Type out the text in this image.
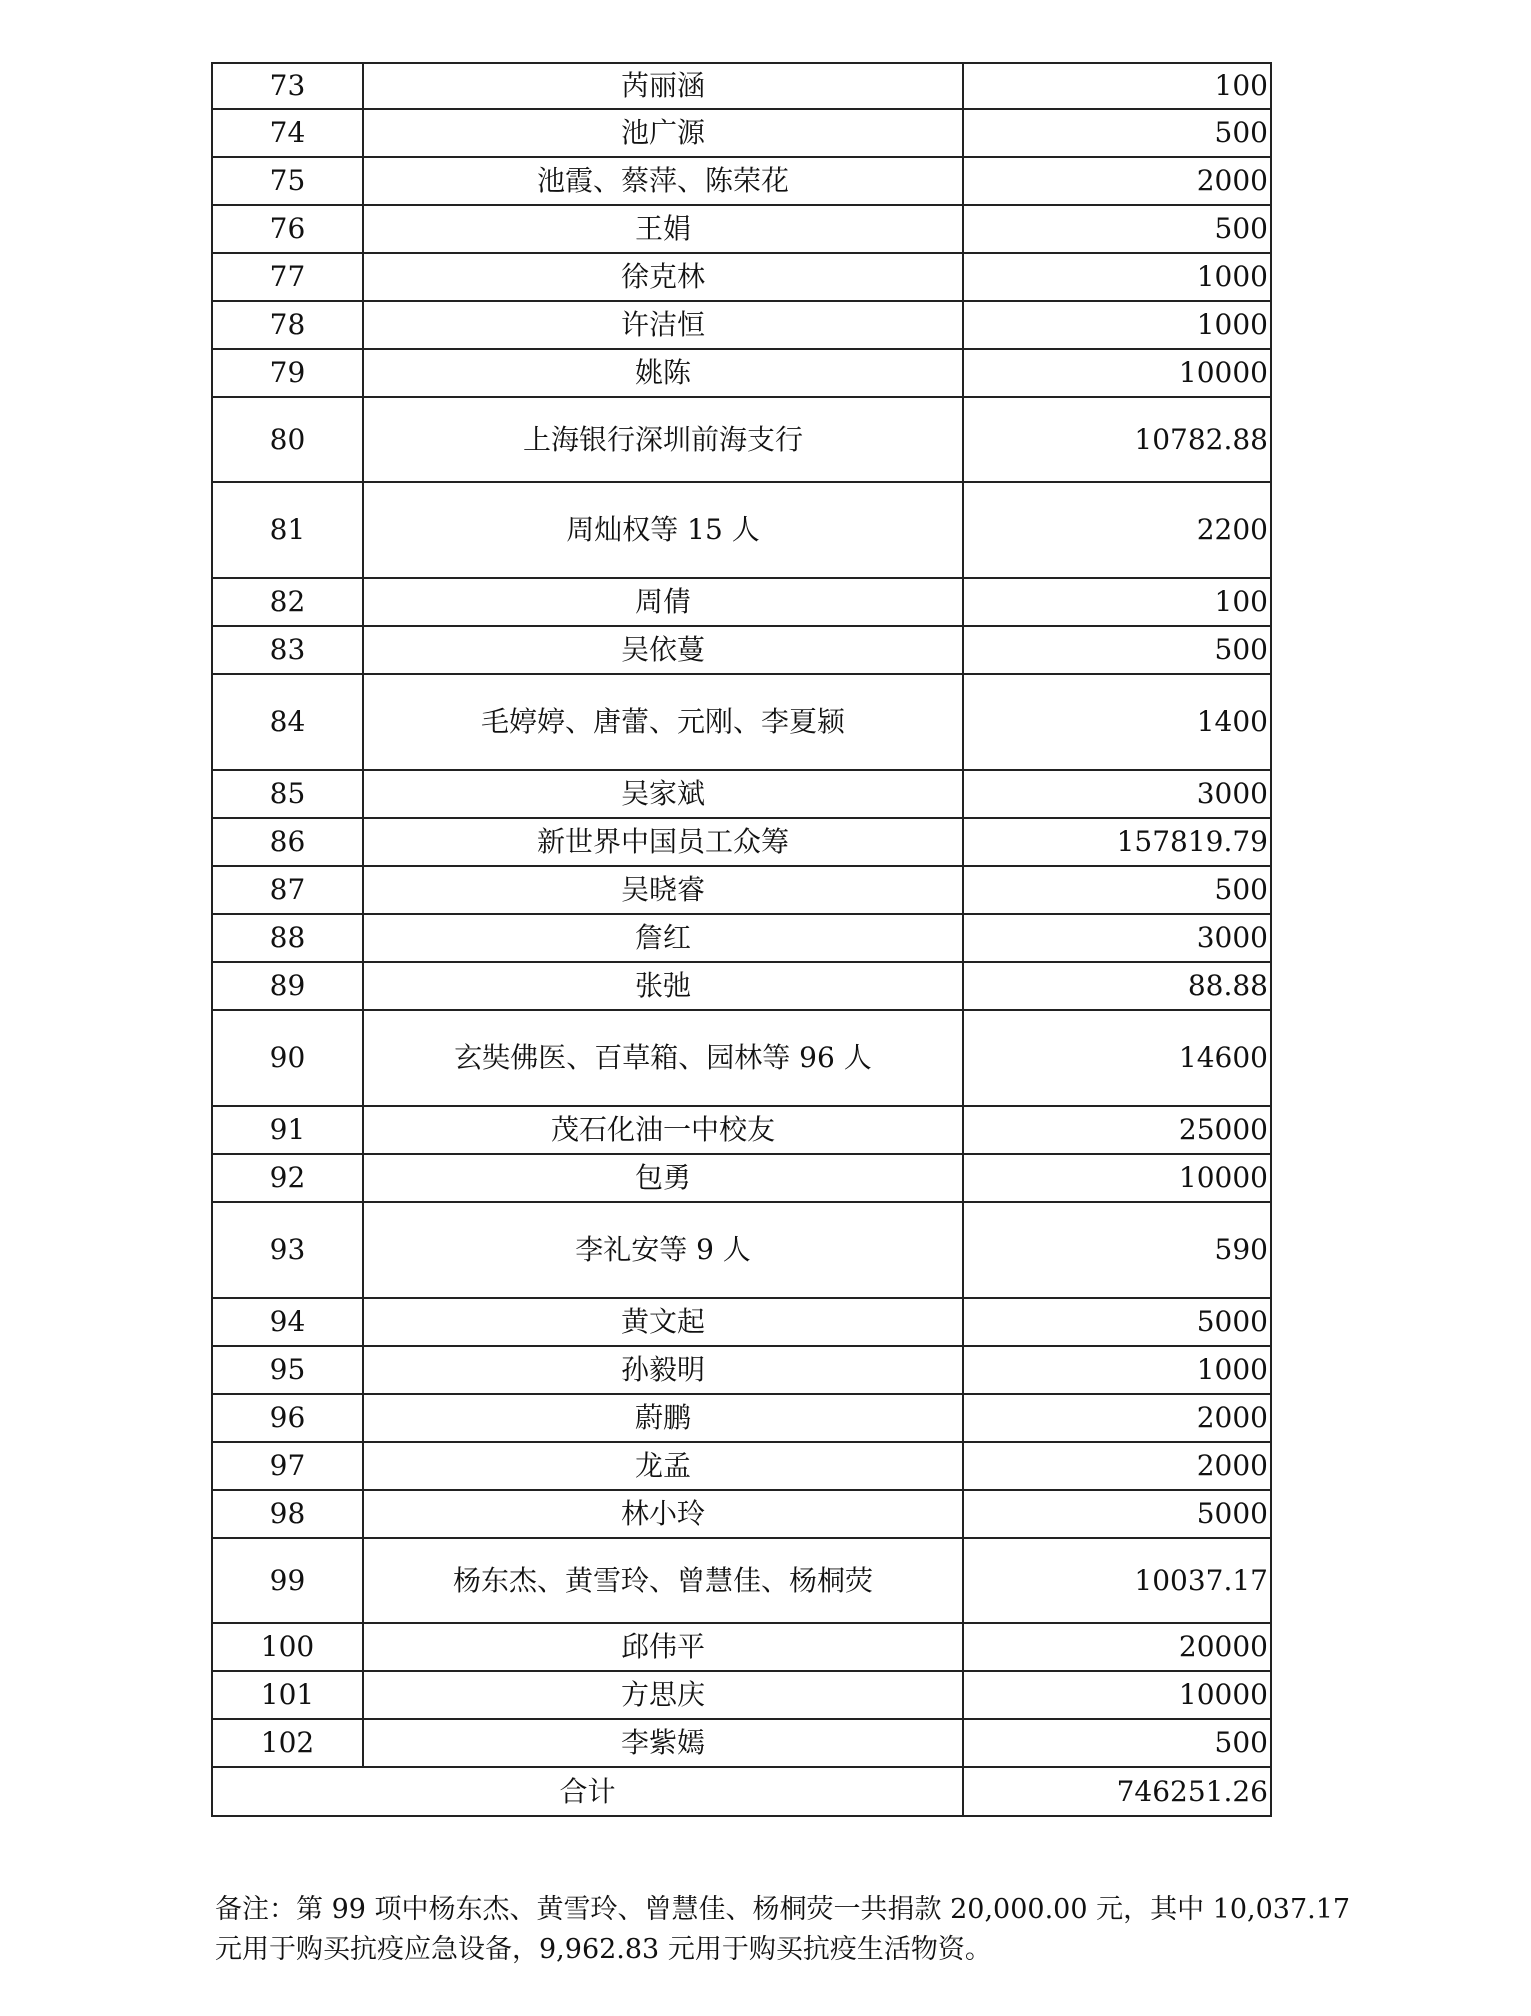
73	芮丽涵	100
74	池广源	500
75	池霞、蔡萍、陈荣花	2000
76	王娟	500
77	徐克林	1000
78	许洁恒	1000
79	姚陈	10000
80	上海银行深圳前海支行	10782.88
81	周灿权等 15 人	2200
82	周倩	100
83	吴依蔓	500
84	毛婷婷、唐蕾、元刚、李夏颍	1400
85	吴家斌	3000
86	新世界中国员工众筹	157819.79
87	吴晓睿	500
88	詹红	3000
89	张弛	88.88
90	玄奘佛医、百草箱、园林等 96 人	14600
91	茂石化油一中校友	25000
92	包勇	10000
93	李礼安等 9 人	590
94	黄文起	5000
95	孙毅明	1000
96	蔚鹏	2000
97	龙孟	2000
98	林小玲	5000
99	杨东杰、黄雪玲、曾慧佳、杨桐荧	10037.17
100	邱伟平	20000
101	方思庆	10000
102	李紫嫣	500
合计		746251.26

备注：第 99 项中杨东杰、黄雪玲、曾慧佳、杨桐荧一共捐款 20,000.00 元，其中 10,037.17

元用于购买抗疫应急设备，9,962.83 元用于购买抗疫生活物资。
